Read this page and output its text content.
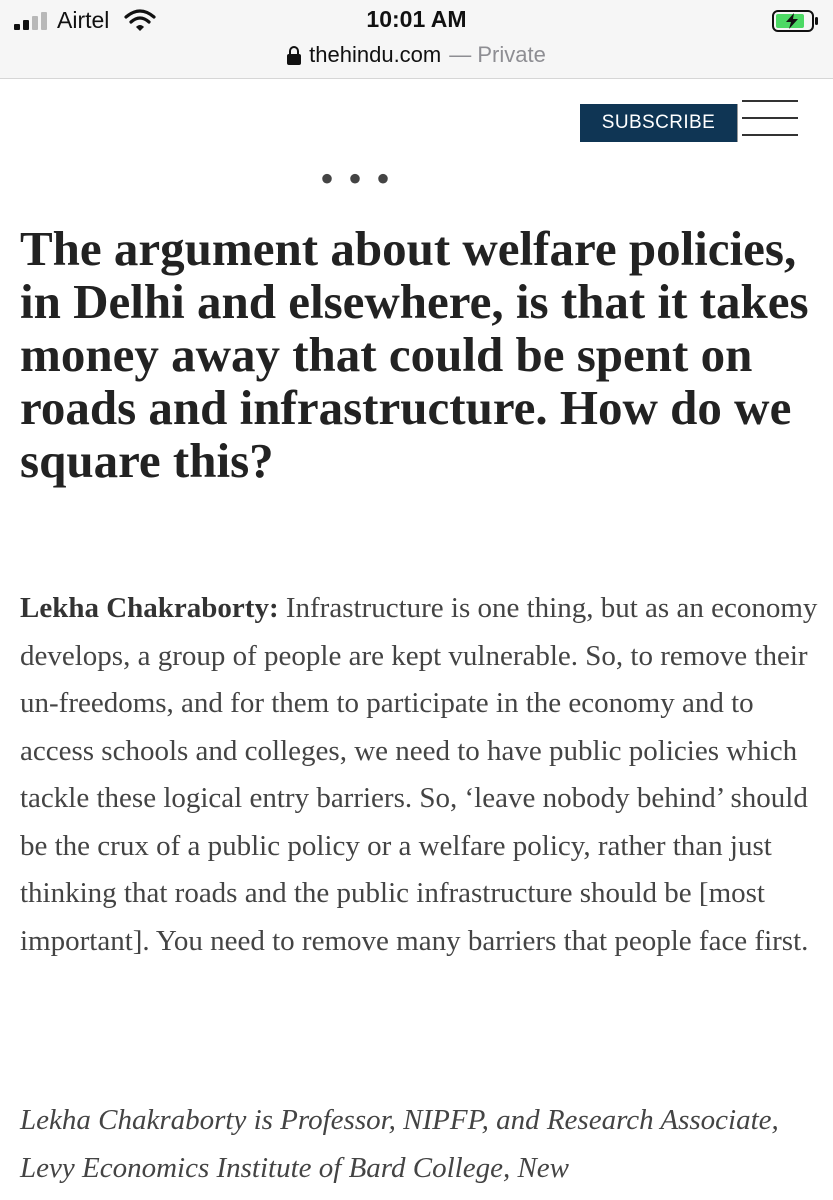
Airtel	10:01 AM
thehindu.com — Private
SUBSCRIBE
• • •
The argument about welfare policies, in Delhi and elsewhere, is that it takes money away that could be spent on roads and infrastructure. How do we square this?

Lekha Chakraborty: Infrastructure is one thing, but as an economy develops, a group of people are kept vulnerable. So, to remove their un-freedoms, and for them to participate in the economy and to access schools and colleges, we need to have public policies which tackle these logical entry barriers. So, ‘leave nobody behind’ should be the crux of a public policy or a welfare policy, rather than just thinking that roads and the public infrastructure should be [most important]. You need to remove many barriers that people face first.

Lekha Chakraborty is Professor, NIPFP, and Research Associate, Levy Economics Institute of Bard College, New
